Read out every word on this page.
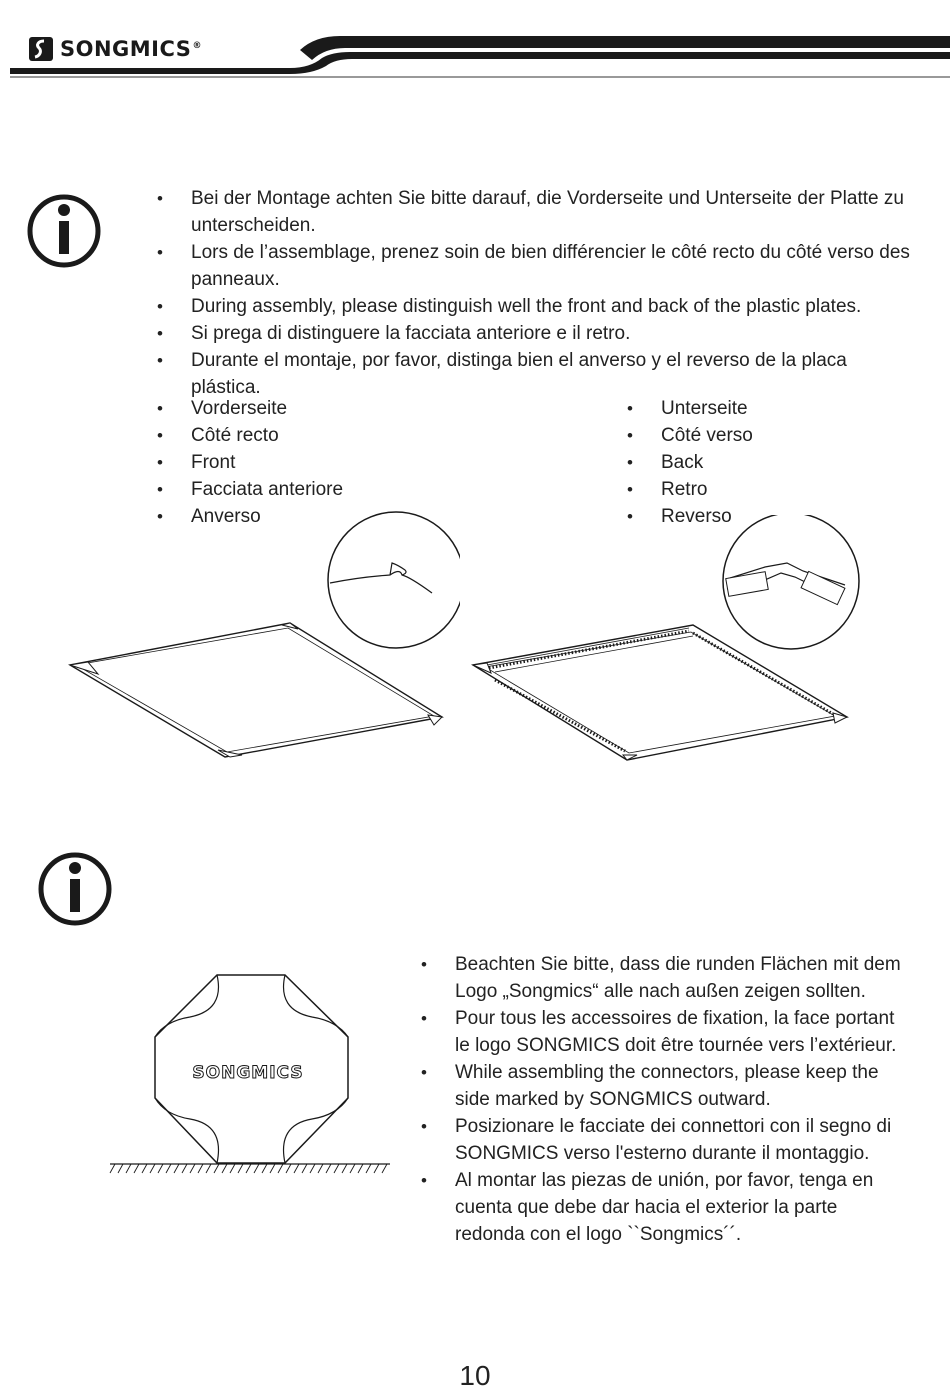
SONGMICS®
• Bei der Montage achten Sie bitte darauf, die Vorderseite und Unterseite der Platte zu unterscheiden.
• Lors de l’assemblage, prenez soin de bien différencier le côté recto du côté verso des panneaux.
• During assembly, please distinguish well the front and back of the plastic plates.
• Si prega di distinguere la facciata anteriore e il retro.
• Durante el montaje, por favor, distinga bien el anverso y el reverso de la placa plástica.
• Vorderseite
• Côté recto
• Front
• Facciata anteriore
• Anverso
• Unterseite
• Côté verso
• Back
• Retro
• Reverso
SONGMICS
• Beachten Sie bitte, dass die runden Flächen mit dem Logo „Songmics“ alle nach außen zeigen sollten.
• Pour tous les accessoires de fixation, la face portant le logo SONGMICS doit être tournée vers l’extérieur.
• While assembling the connectors, please keep the side marked by SONGMICS outward.
• Posizionare le facciate dei connettori con il segno di SONGMICS verso l'esterno durante il montaggio.
• Al montar las piezas de unión, por favor, tenga en cuenta que debe dar hacia el exterior la parte redonda con el logo ``Songmics´´.
10
